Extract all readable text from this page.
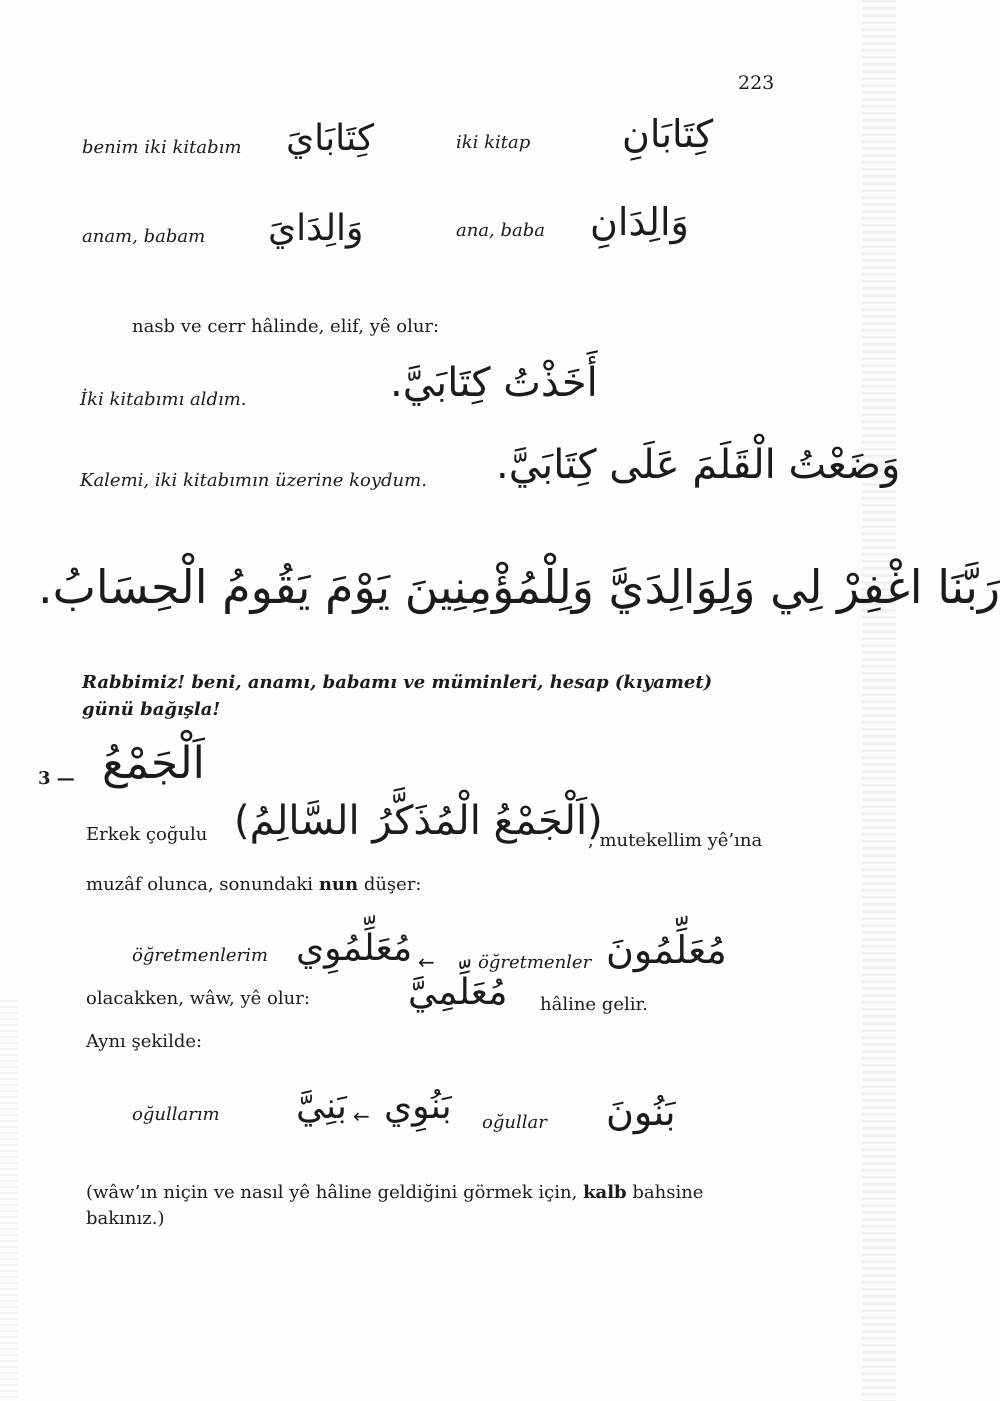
223
benim iki kitabım كِتَابَايَ	iki kitap كِتَابَانِ
anam, babam وَالِدَايَ	ana, baba وَالِدَانِ
nasb ve cerr hâlinde, elif, yê olur:
İki kitabımı aldım.	أَخَذْتُ كِتَابَيَّ.
Kalemi, iki kitabımın üzerine koydum. وَضَعْتُ الْقَلَمَ عَلَى كِتَابَيَّ.
رَبَّنَا اغْفِرْ لِي وَلِوَالِدَيَّ وَلِلْمُؤْمِنِينَ يَوْمَ يَقُومُ الْحِسَابُ.
Rabbimiz! beni, anamı, babamı ve müminleri, hesap (kıyamet)
günü bağışla!
3 — اَلْجَمْعُ
Erkek çoğulu (اَلْجَمْعُ الْمُذَكَّرُ السَّالِمُ)
, mutekellim yê’ına
muzâf olunca, sonundaki nun düşer:
öğretmenlerim مُعَلِّمُوِي ← öğretmenler مُعَلِّمُونَ
olacakken, wâw, yê olur:	مُعَلِّمِيَّ hâline gelir.
Aynı şekilde:
oğullarım بَنِيَّ ← بَنُوِي oğullar بَنُونَ
(wâw’ın niçin ve nasıl yê hâline geldiğini görmek için, kalb bahsine
bakınız.)
